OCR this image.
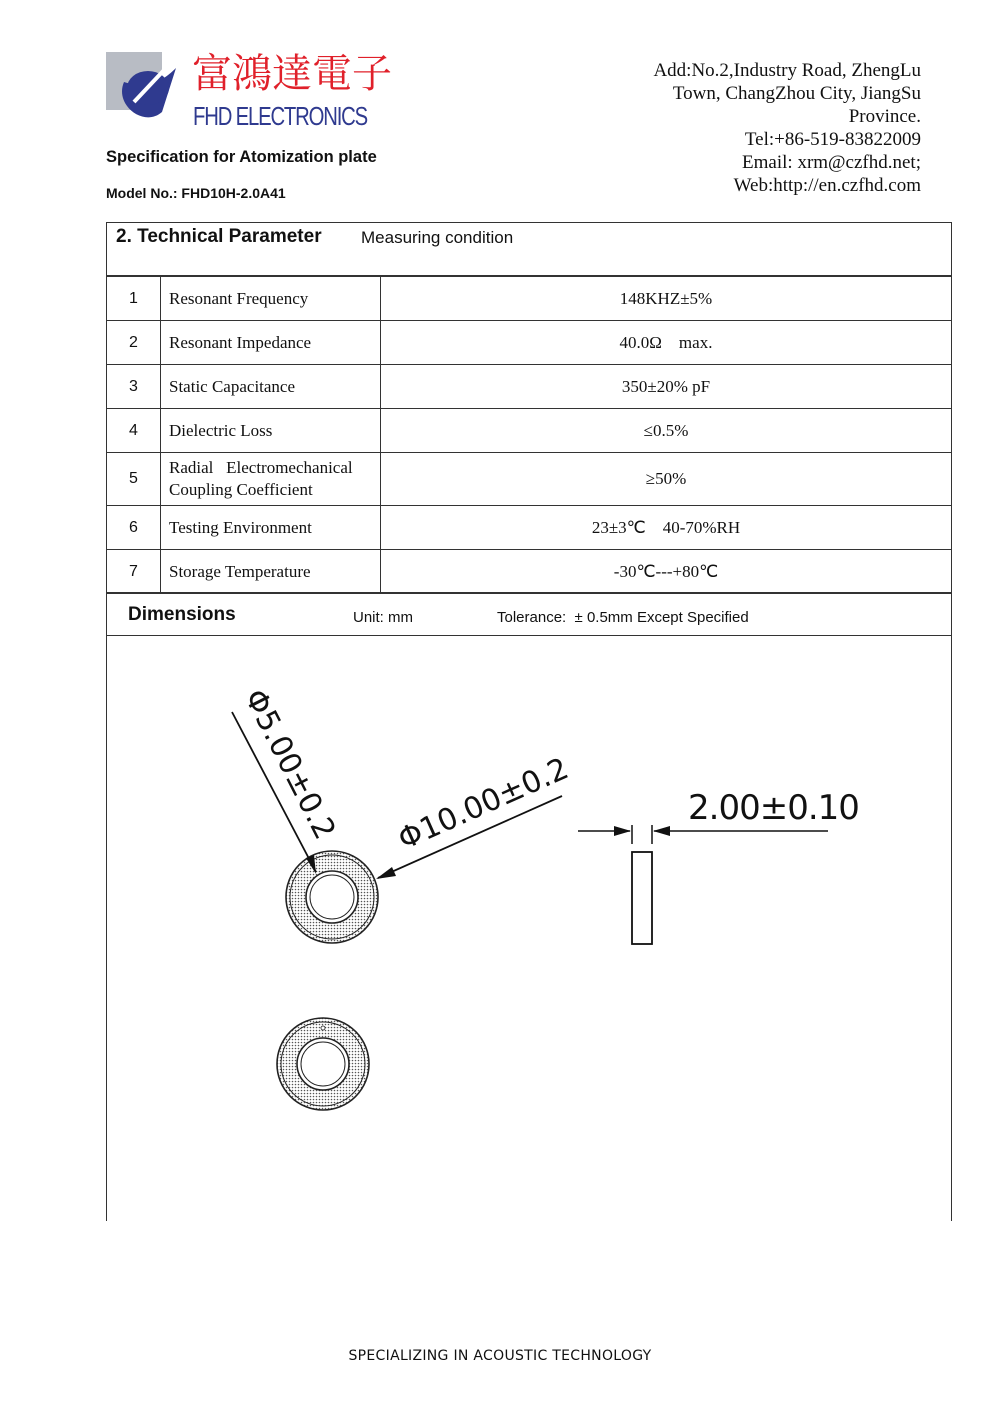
富鴻達電子
FHD ELECTRONICS
Specification for Atomization plate
Model No.: FHD10H-2.0A41
Add:No.2,Industry Road, ZhengLu
Town, ChangZhou City, JiangSu
Province.
Tel:+86-519-83822009
Email: xrm@czfhd.net;
Web:http://en.czfhd.com
2. Technical Parameter Measuring condition
1	Resonant Frequency	148KHZ±5%
2	Resonant Impedance	40.0Ω    max.
3	Static Capacitance	350±20% pF
4	Dielectric Loss	≤0.5%
5	Radial   Electromechanical Coupling Coefficient	≥50%
6	Testing Environment	23±3℃    40-70%RH
7	Storage Temperature	-30℃---+80℃
Dimensions	Unit: mm	Tolerance:  ± 0.5mm Except Specified
Φ5.00±0.2 Φ10.00±0.2	2.00±0.10
SPECIALIZING IN ACOUSTIC TECHNOLOGY
